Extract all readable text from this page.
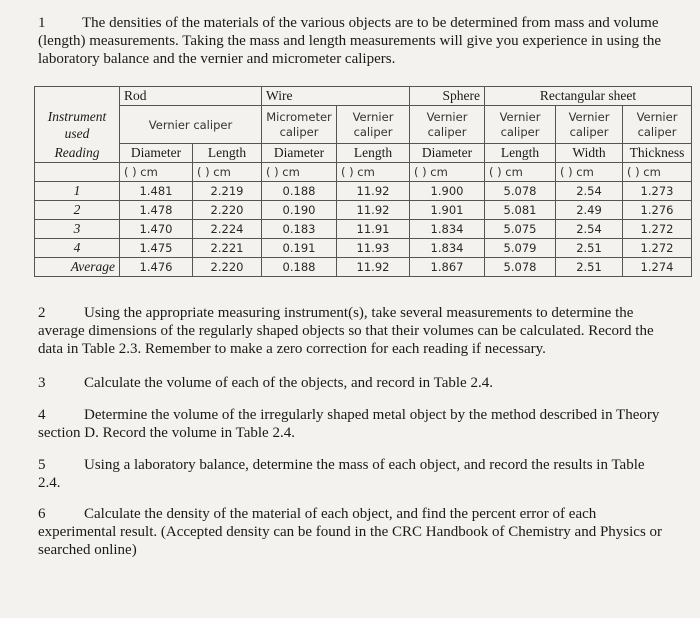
1 The densities of the materials of the various objects are to be determined from mass and volume (length) measurements. Taking the mass and length measurements will give you experience in using the laboratory balance and the vernier and micrometer calipers.
	Rod		Wire		Sphere	Rectangular sheet		

Instrument
used	Vernier caliper		Micrometer caliper	Vernier caliper	Vernier caliper	Vernier caliper	Vernier caliper	Vernier caliper
Reading	Diameter	Length	Diameter	Length	Diameter	Length	Width	Thickness
	( ) cm	( ) cm	( ) cm	( ) cm	( ) cm	( ) cm	( ) cm	( ) cm
1	1.481	2.219	0.188	11.92	1.900	5.078	2.54	1.273
2	1.478	2.220	0.190	11.92	1.901	5.081	2.49	1.276
3	1.470	2.224	0.183	11.91	1.834	5.075	2.54	1.272
4	1.475	2.221	0.191	11.93	1.834	5.079	2.51	1.272
Average	1.476	2.220	0.188	11.92	1.867	5.078	2.51	1.274
2	Using the appropriate measuring instrument(s), take several measurements to determine the average dimensions of the regularly shaped objects so that their volumes can be calculated. Record the data in Table 2.3. Remember to make a zero correction for each reading if necessary.
3	Calculate the volume of each of the objects, and record in Table 2.4.
4	Determine the volume of the irregularly shaped metal object by the method described in Theory section D. Record the volume in Table 2.4.
5	Using a laboratory balance, determine the mass of each object, and record the results in Table 2.4.
6	Calculate the density of the material of each object, and find the percent error of each experimental result. (Accepted density can be found in the CRC Handbook of Chemistry and Physics or searched online)
